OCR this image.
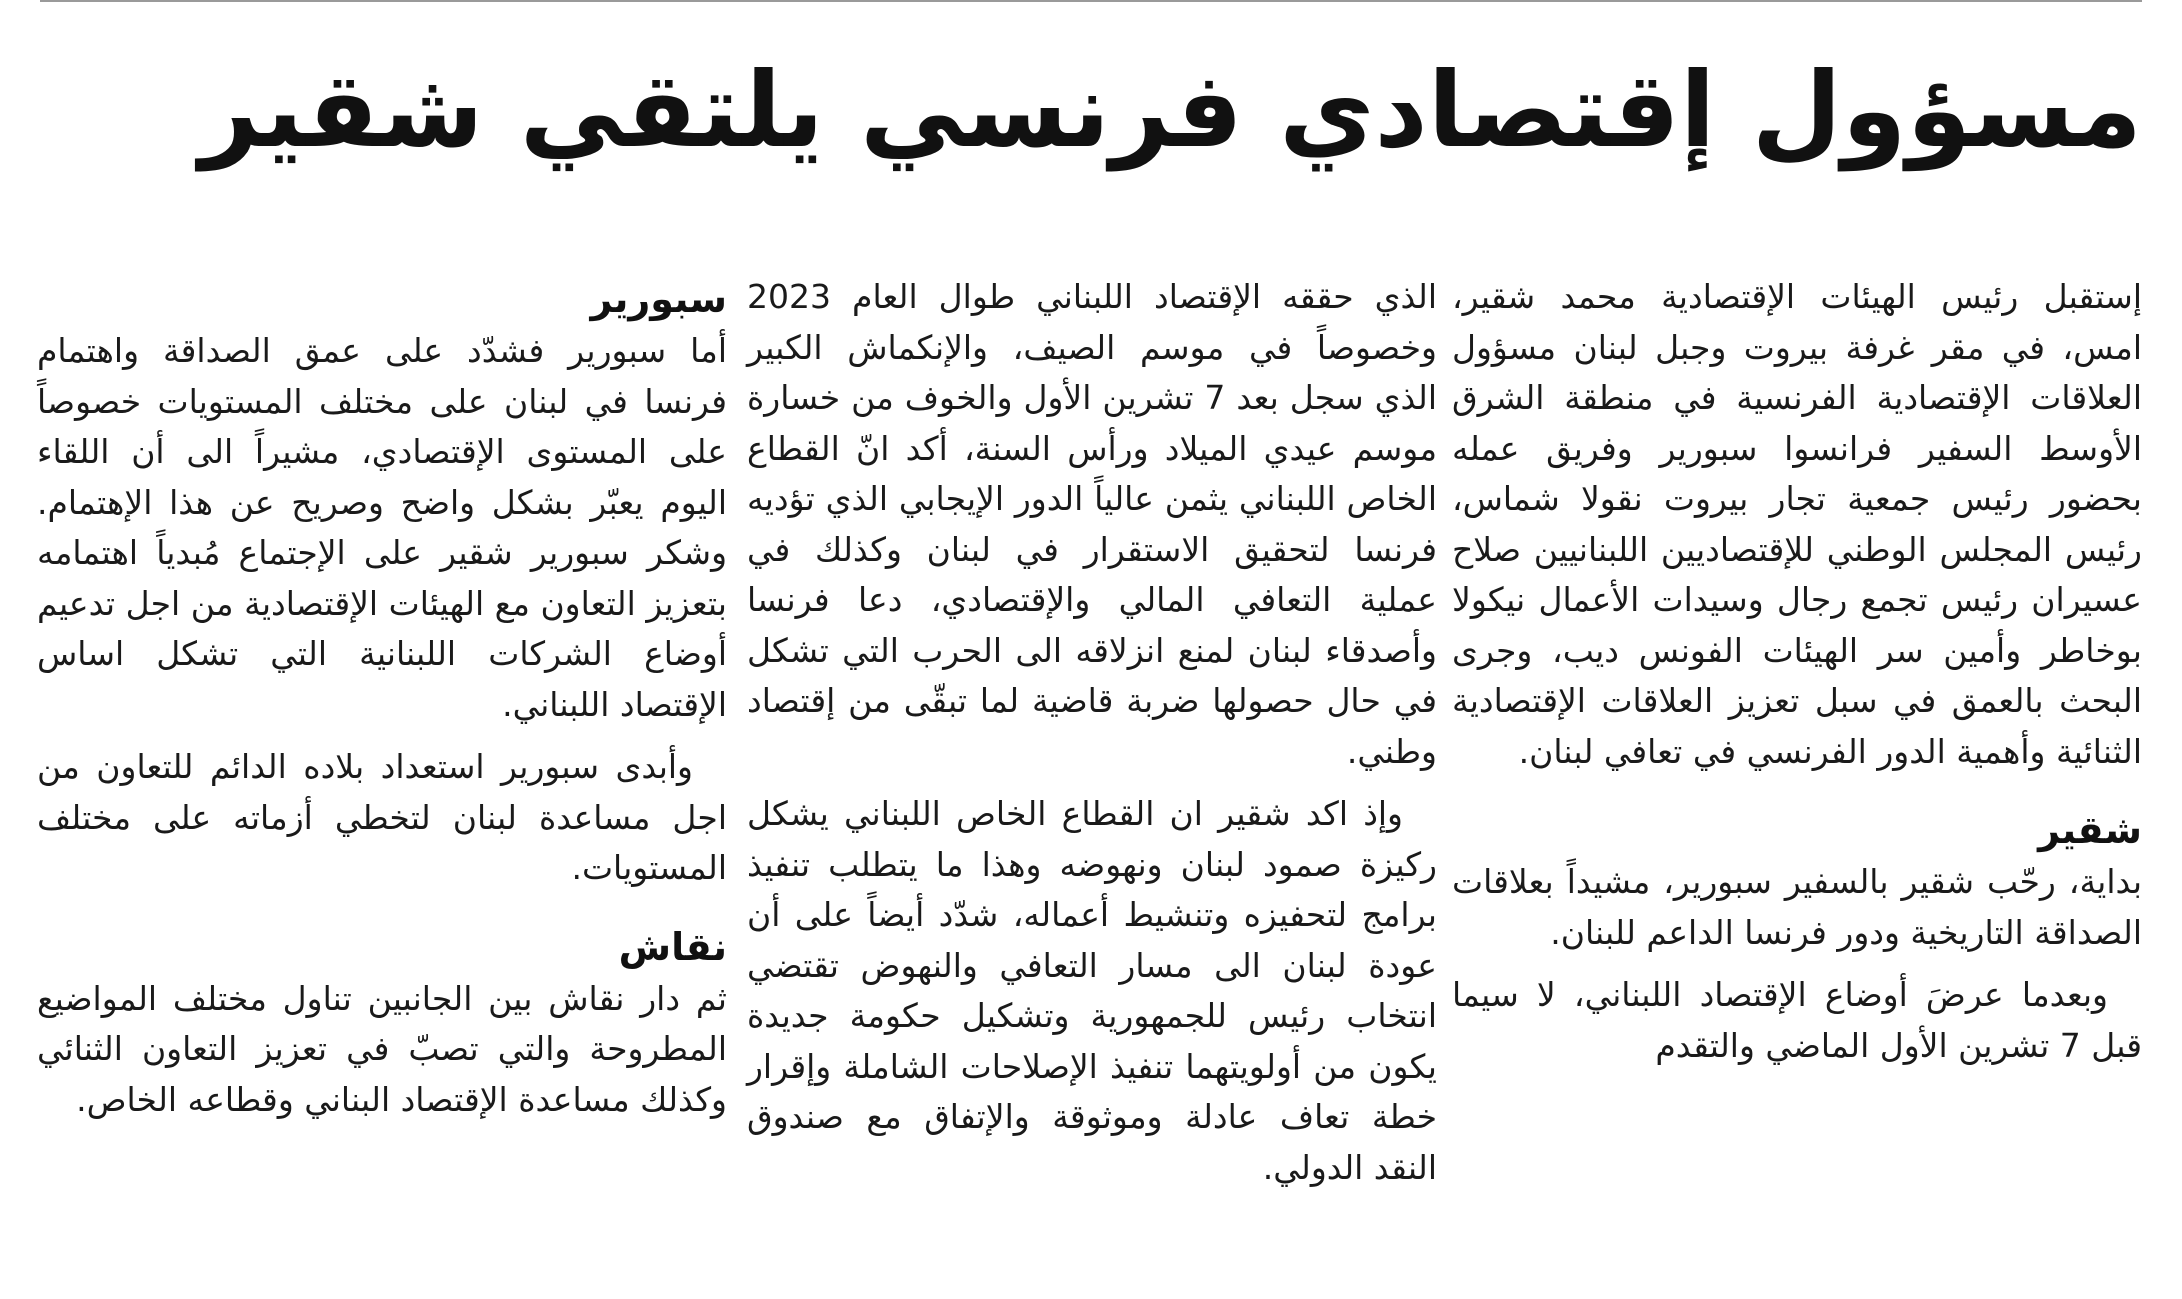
مسؤول إقتصادي فرنسي يلتقي شقير

إستقبل رئيس الهيئات الإقتصادية محمد شقير، امس، في مقر غرفة بيروت وجبل لبنان مسؤول العلاقات الإقتصادية الفرنسية في منطقة الشرق الأوسط السفير فرانسوا سبورير وفريق عمله بحضور رئيس جمعية تجار بيروت نقولا شماس، رئيس المجلس الوطني للإقتصاديين اللبنانيين صلاح عسيران رئيس تجمع رجال وسيدات الأعمال نيكولا بوخاطر وأمين سر الهيئات الفونس ديب، وجرى البحث بالعمق في سبل تعزيز العلاقات الإقتصادية الثنائية وأهمية الدور الفرنسي في تعافي لبنان.

شقير

بداية، رحّب شقير بالسفير سبورير، مشيداً بعلاقات الصداقة التاريخية ودور فرنسا الداعم للبنان.

وبعدما عرضَ أوضاع الإقتصاد اللبناني، لا سيما قبل 7 تشرين الأول الماضي والتقدم

الذي حققه الإقتصاد اللبناني طوال العام 2023 وخصوصاً في موسم الصيف، والإنكماش الكبير الذي سجل بعد 7 تشرين الأول والخوف من خسارة موسم عيدي الميلاد ورأس السنة، أكد انّ القطاع الخاص اللبناني يثمن عالياً الدور الإيجابي الذي تؤديه فرنسا لتحقيق الاستقرار في لبنان وكذلك في عملية التعافي المالي والإقتصادي، دعا فرنسا وأصدقاء لبنان لمنع انزلاقه الى الحرب التي تشكل في حال حصولها ضربة قاضية لما تبقّى من إقتصاد وطني.

وإذ اكد شقير ان القطاع الخاص اللبناني يشكل ركيزة صمود لبنان ونهوضه وهذا ما يتطلب تنفيذ برامج لتحفيزه وتنشيط أعماله، شدّد أيضاً على أن عودة لبنان الى مسار التعافي والنهوض تقتضي انتخاب رئيس للجمهورية وتشكيل حكومة جديدة يكون من أولويتهما تنفيذ الإصلاحات الشاملة وإقرار خطة تعاف عادلة وموثوقة والإتفاق مع صندوق النقد الدولي.

سبورير

أما سبورير فشدّد على عمق الصداقة واهتمام فرنسا في لبنان على مختلف المستويات خصوصاً على المستوى الإقتصادي، مشيراً الى أن اللقاء اليوم يعبّر بشكل واضح وصريح عن هذا الإهتمام. وشكر سبورير شقير على الإجتماع مُبدياً اهتمامه بتعزيز التعاون مع الهيئات الإقتصادية من اجل تدعيم أوضاع الشركات اللبنانية التي تشكل اساس الإقتصاد اللبناني.

وأبدى سبورير استعداد بلاده الدائم للتعاون من اجل مساعدة لبنان لتخطي أزماته على مختلف المستويات.

نقاش

ثم دار نقاش بين الجانبين تناول مختلف المواضيع المطروحة والتي تصبّ في تعزيز التعاون الثنائي وكذلك مساعدة الإقتصاد البناني وقطاعه الخاص.
